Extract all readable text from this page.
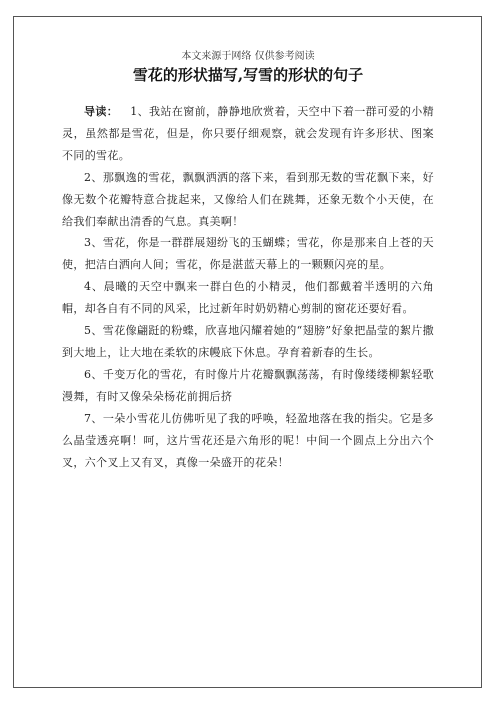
本文来源于网络 仅供参考阅读
雪花的形状描写,写雪的形状的句子

导读： 1、我站在窗前，静静地欣赏着，天空中下着一群可爱的小精灵，虽然都是雪花，但是，你只要仔细观察，就会发现有许多形状、图案不同的雪花。

2、那飘逸的雪花，飘飘洒洒的落下来，看到那无数的雪花飘下来，好像无数个花瓣特意合拢起来，又像给人们在跳舞，还象无数个小天使，在给我们奉献出清香的气息。真美啊！

3、雪花，你是一群群展翅纷飞的玉蝴蝶；雪花，你是那来自上苍的天使，把洁白洒向人间；雪花，你是湛蓝天幕上的一颗颗闪亮的星。

4、晨曦的天空中飘来一群白色的小精灵，他们都戴着半透明的六角帽，却各自有不同的风采，比过新年时奶奶精心剪制的窗花还要好看。

5、雪花像翩跹的粉蝶，欣喜地闪耀着她的“翅膀”好象把晶莹的絮片撒到大地上，让大地在柔软的床幔底下休息。孕育着新春的生长。

6、千变万化的雪花，有时像片片花瓣飘飘荡荡，有时像缕缕柳絮轻歌漫舞，有时又像朵朵杨花前拥后挤

7、一朵小雪花儿仿佛听见了我的呼唤，轻盈地落在我的指尖。它是多么晶莹透亮啊！呵，这片雪花还是六角形的呢！中间一个圆点上分出六个叉，六个叉上又有叉，真像一朵盛开的花朵！
